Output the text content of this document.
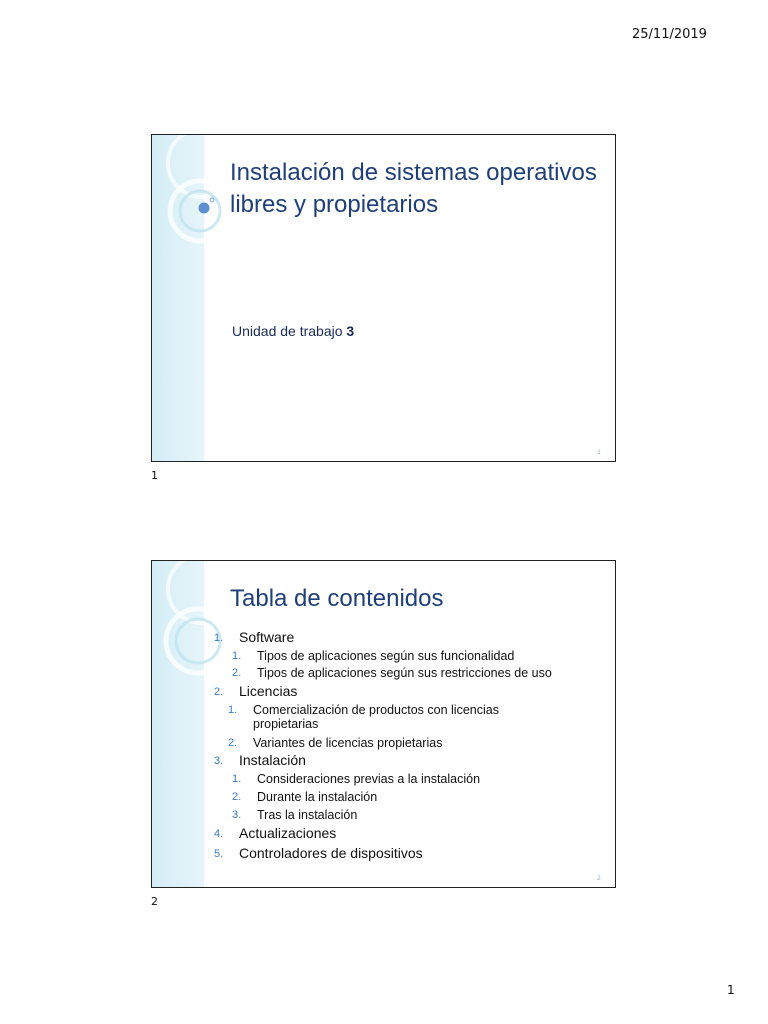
25/11/2019
Instalación de sistemas operativos libres y propietarios
Unidad de trabajo 3
1
1
Tabla de contenidos
1. Software
1. Tipos de aplicaciones según sus funcionalidad
2. Tipos de aplicaciones según sus restricciones de uso
2. Licencias
1. Comercialización de productos con licencias
propietarias
2. Variantes de licencias propietarias
3. Instalación
1. Consideraciones previas a la instalación
2. Durante la instalación
3. Tras la instalación
4. Actualizaciones
5. Controladores de dispositivos
2
2
1
